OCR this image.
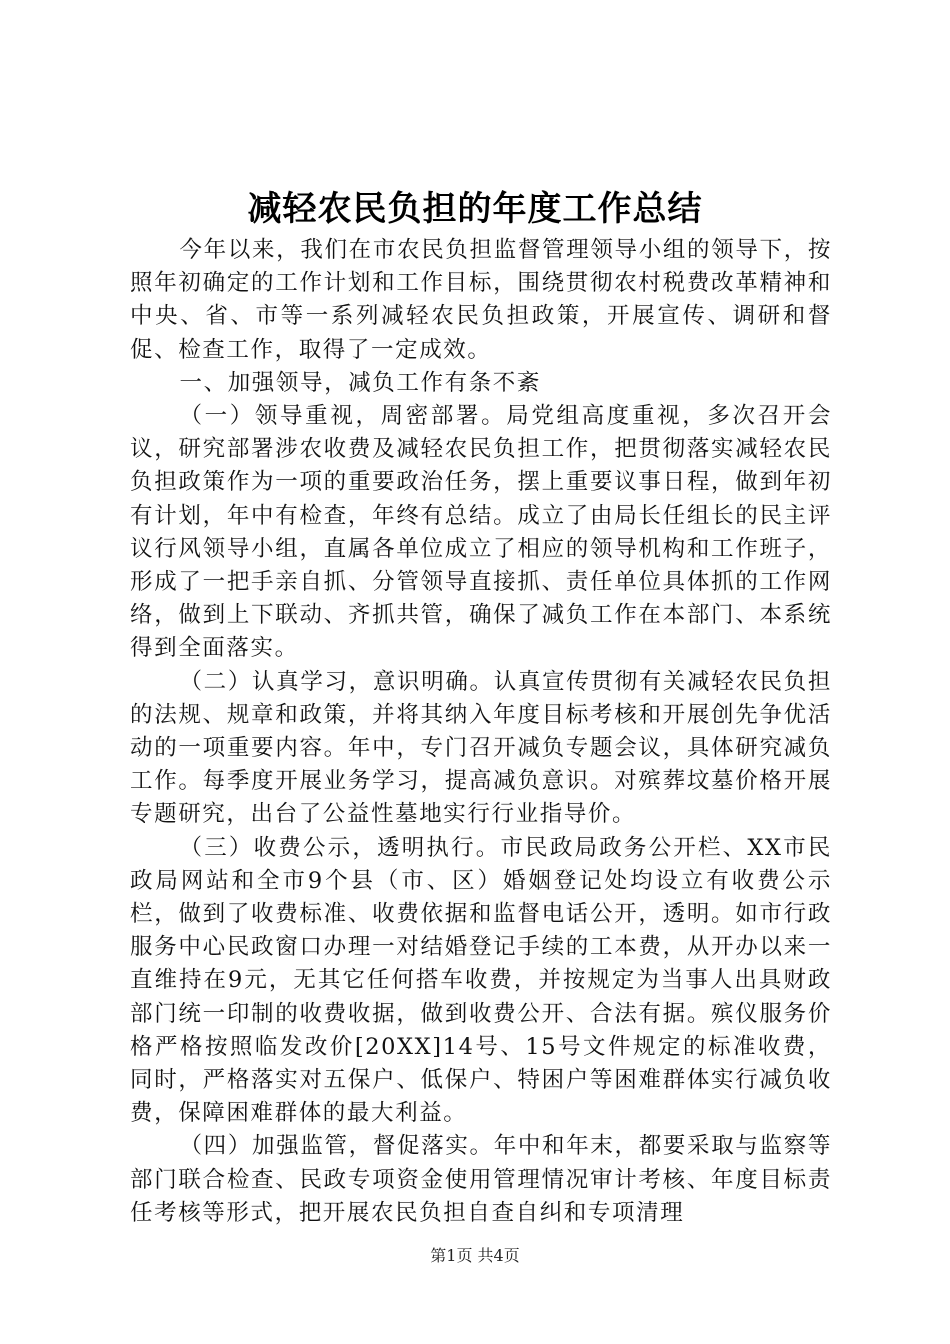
减轻农民负担的年度工作总结

今年以来，我们在市农民负担监督管理领导小组的领导下，按照年初确定的工作计划和工作目标，围绕贯彻农村税费改革精神和中央、省、市等一系列减轻农民负担政策，开展宣传、调研和督促、检查工作，取得了一定成效。

一、加强领导，减负工作有条不紊

（一）领导重视，周密部署。局党组高度重视，多次召开会议，研究部署涉农收费及减轻农民负担工作，把贯彻落实减轻农民负担政策作为一项的重要政治任务，摆上重要议事日程，做到年初有计划，年中有检查，年终有总结。成立了由局长任组长的民主评议行风领导小组，直属各单位成立了相应的领导机构和工作班子，形成了一把手亲自抓、分管领导直接抓、责任单位具体抓的工作网络，做到上下联动、齐抓共管，确保了减负工作在本部门、本系统得到全面落实。

（二）认真学习，意识明确。认真宣传贯彻有关减轻农民负担的法规、规章和政策，并将其纳入年度目标考核和开展创先争优活动的一项重要内容。年中，专门召开减负专题会议，具体研究减负工作。每季度开展业务学习，提高减负意识。对殡葬坟墓价格开展专题研究，出台了公益性墓地实行行业指导价。

（三）收费公示，透明执行。市民政局政务公开栏、XX市民政局网站和全市9个县（市、区）婚姻登记处均设立有收费公示栏，做到了收费标准、收费依据和监督电话公开，透明。如市行政服务中心民政窗口办理一对结婚登记手续的工本费，从开办以来一直维持在9元，无其它任何搭车收费，并按规定为当事人出具财政部门统一印制的收费收据，做到收费公开、合法有据。殡仪服务价格严格按照临发改价[20XX]14号、15号文件规定的标准收费，同时，严格落实对五保户、低保户、特困户等困难群体实行减负收费，保障困难群体的最大利益。

（四）加强监管，督促落实。年中和年末，都要采取与监察等部门联合检查、民政专项资金使用管理情况审计考核、年度目标责任考核等形式，把开展农民负担自查自纠和专项清理

第1页 共4页
